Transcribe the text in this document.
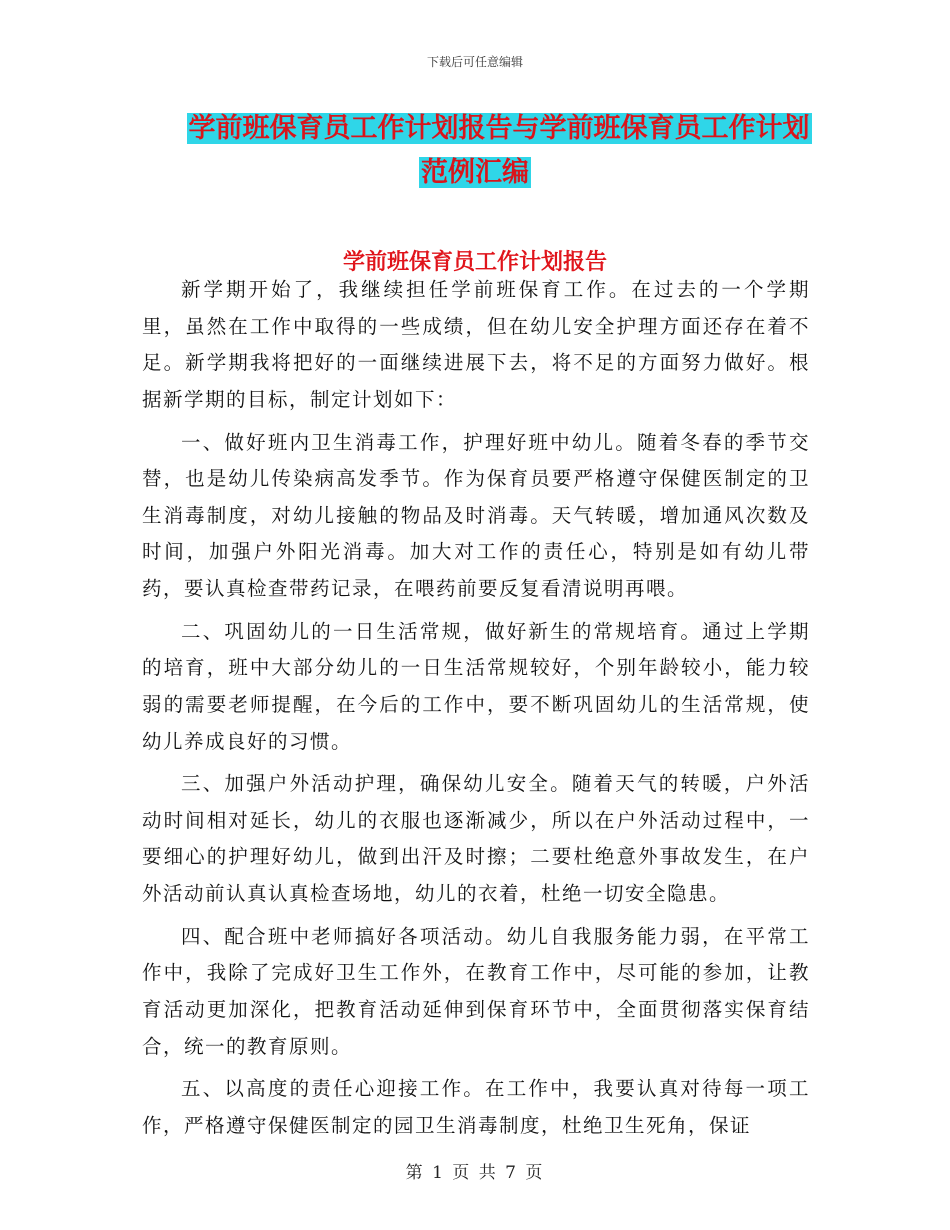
下载后可任意编辑
学前班保育员工作计划报告与学前班保育员工作计划
范例汇编
学前班保育员工作计划报告

新学期开始了，我继续担任学前班保育工作。在过去的一个学期里，虽然在工作中取得的一些成绩，但在幼儿安全护理方面还存在着不足。新学期我将把好的一面继续进展下去，将不足的方面努力做好。根据新学期的目标，制定计划如下：

一、做好班内卫生消毒工作，护理好班中幼儿。随着冬春的季节交替，也是幼儿传染病高发季节。作为保育员要严格遵守保健医制定的卫生消毒制度，对幼儿接触的物品及时消毒。天气转暖，增加通风次数及时间，加强户外阳光消毒。加大对工作的责任心，特别是如有幼儿带药，要认真检查带药记录，在喂药前要反复看清说明再喂。

二、巩固幼儿的一日生活常规，做好新生的常规培育。通过上学期的培育，班中大部分幼儿的一日生活常规较好，个别年龄较小，能力较弱的需要老师提醒，在今后的工作中，要不断巩固幼儿的生活常规，使幼儿养成良好的习惯。

三、加强户外活动护理，确保幼儿安全。随着天气的转暖，户外活动时间相对延长，幼儿的衣服也逐渐减少，所以在户外活动过程中，一要细心的护理好幼儿，做到出汗及时擦；二要杜绝意外事故发生，在户外活动前认真认真检查场地，幼儿的衣着，杜绝一切安全隐患。

四、配合班中老师搞好各项活动。幼儿自我服务能力弱，在平常工作中，我除了完成好卫生工作外，在教育工作中，尽可能的参加，让教育活动更加深化，把教育活动延伸到保育环节中，全面贯彻落实保育结合，统一的教育原则。

五、以高度的责任心迎接工作。在工作中，我要认真对待每一项工作，严格遵守保健医制定的园卫生消毒制度，杜绝卫生死角，保证

第 1 页 共 7 页
